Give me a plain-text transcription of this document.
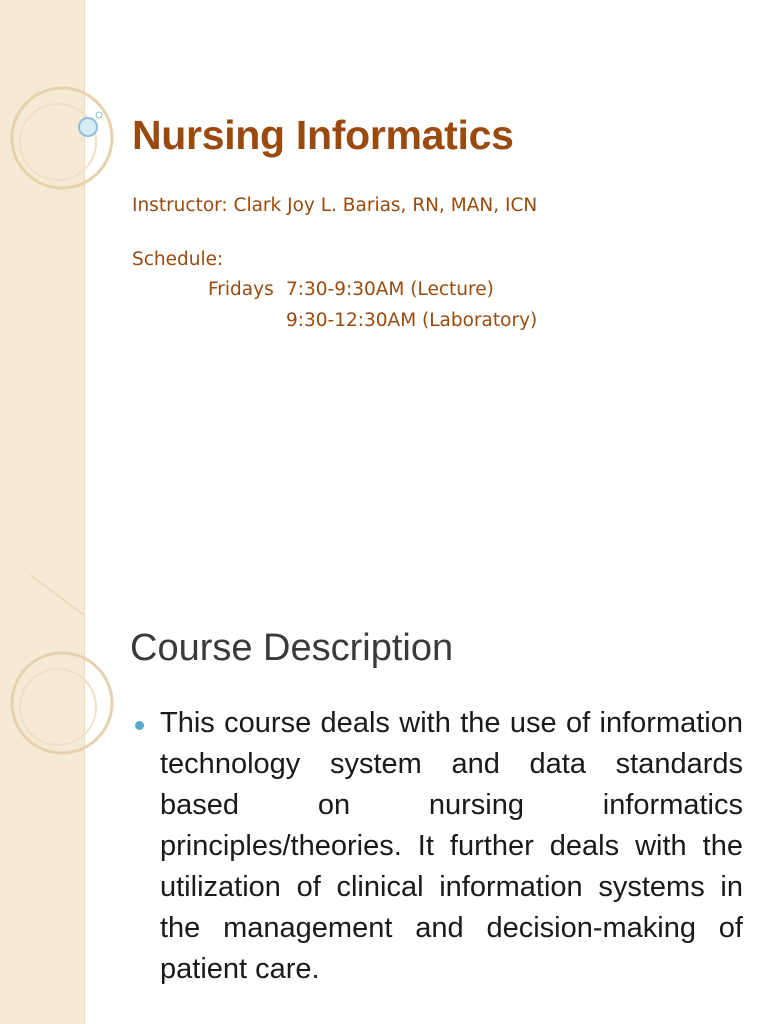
Nursing Informatics
Instructor: Clark Joy L. Barias, RN, MAN, ICN
Schedule:
Fridays 7:30-9:30AM (Lecture)
9:30-12:30AM (Laboratory)
Course Description
This course deals with the use of information technology system and data standards based on nursing informatics principles/theories. It further deals with the utilization of clinical information systems in the management and decision-making of patient care.
